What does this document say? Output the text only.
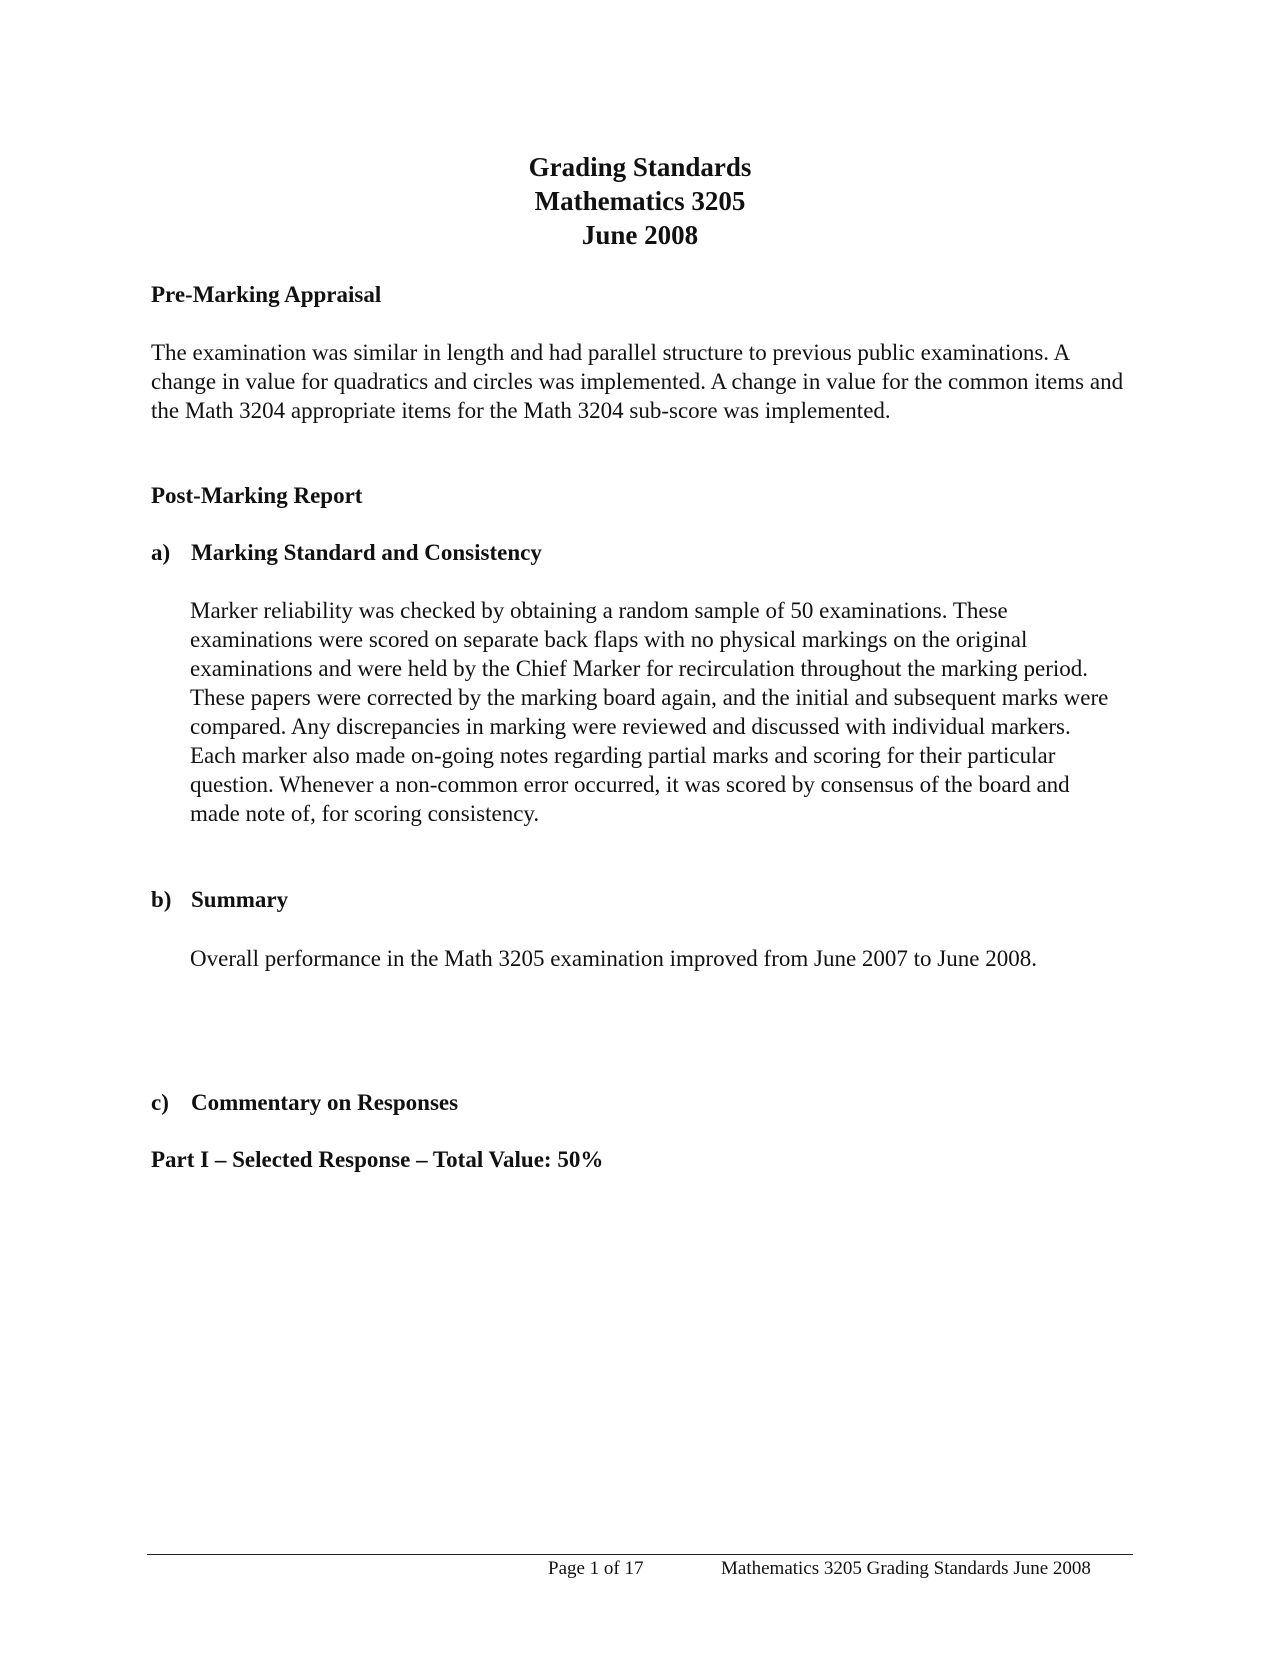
Grading Standards
Mathematics 3205
June 2008
Pre-Marking Appraisal

The examination was similar in length and had parallel structure to previous public examinations. A change in value for quadratics and circles was implemented. A change in value for the common items and the Math 3204 appropriate items for the Math 3204 sub-score was implemented.

Post-Marking Report
a) Marking Standard and Consistency

Marker reliability was checked by obtaining a random sample of 50 examinations. These examinations were scored on separate back flaps with no physical markings on the original examinations and were held by the Chief Marker for recirculation throughout the marking period. These papers were corrected by the marking board again, and the initial and subsequent marks were compared. Any discrepancies in marking were reviewed and discussed with individual markers. Each marker also made on-going notes regarding partial marks and scoring for their particular question. Whenever a non-common error occurred, it was scored by consensus of the board and made note of, for scoring consistency.

b) Summary

Overall performance in the Math 3205 examination improved from June 2007 to June 2008.

c) Commentary on Responses
Part I – Selected Response – Total Value: 50%
Page 1 of 17	Mathematics 3205 Grading Standards June 2008
